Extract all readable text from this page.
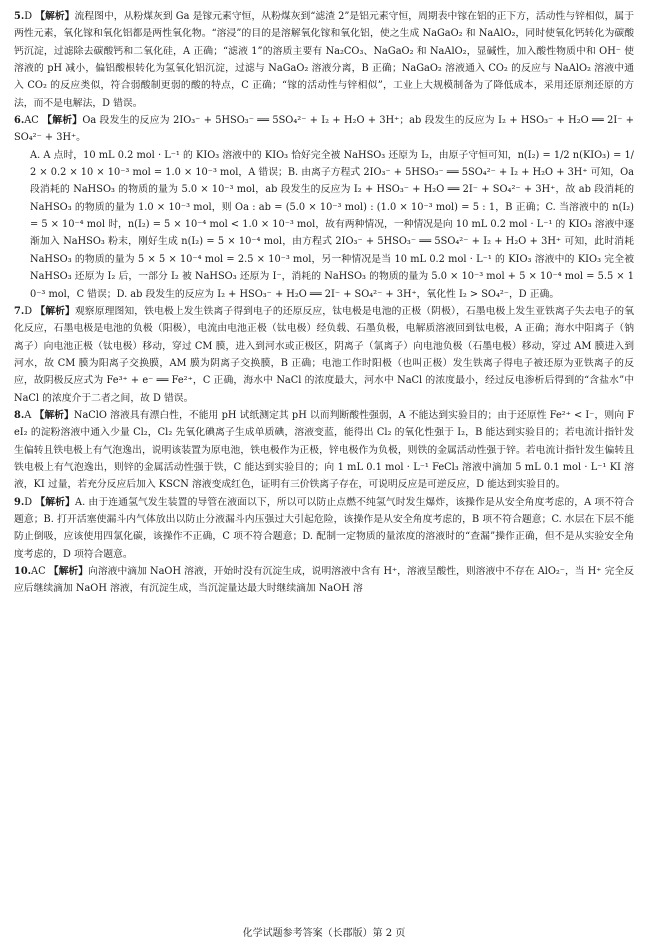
5.D 【解析】流程图中，从粉煤灰到 Ga 是镓元素守恒，从粉煤灰到“滤渣 2”是铝元素守恒，周期表中镓在铝的正下方，活动性与锌相似，属于两性元素，氧化镓和氧化铝都是两性氧化物。“溶浸”的目的是溶解氧化镓和氧化铝，使之生成 NaGaO₂ 和 NaAlO₂，同时使氧化钙转化为碳酸钙沉淀，过滤除去碳酸钙和二氧化硅，A 正确；“滤液 1”的溶质主要有 Na₂CO₃、NaGaO₂ 和 NaAlO₂，显碱性，加入酸性物质中和 OH⁻ 使溶液的 pH 减小，偏铝酸根转化为氢氧化铝沉淀，过滤与 NaGaO₂ 溶液分离，B 正确；NaGaO₂ 溶液通入 CO₂ 的反应与 NaAlO₂ 溶液中通入 CO₂ 的反应类似，符合弱酸制更弱的酸的特点，C 正确；“镓的活动性与锌相似”，工业上大规模制备为了降低成本，采用还原剂还原的方法，而不是电解法，D 错误。

6.AC 【解析】Oa 段发生的反应为 2IO₃⁻ + 5HSO₃⁻ ══ 5SO₄²⁻ + I₂ + H₂O + 3H⁺；ab 段发生的反应为 I₂ + HSO₃⁻ + H₂O ══ 2I⁻ + SO₄²⁻ + 3H⁺。

A. A 点时，10 mL 0.2 mol · L⁻¹ 的 KIO₃ 溶液中的 KIO₃ 恰好完全被 NaHSO₃ 还原为 I₂，由原子守恒可知，n(I₂) = 1/2 n(KIO₃) = 1/2 × 0.2 × 10 × 10⁻³ mol = 1.0 × 10⁻³ mol，A 错误；B. 由离子方程式 2IO₃⁻ + 5HSO₃⁻ ══ 5SO₄²⁻ + I₂ + H₂O + 3H⁺ 可知，Oa 段消耗的 NaHSO₃ 的物质的量为 5.0 × 10⁻³ mol，ab 段发生的反应为 I₂ + HSO₃⁻ + H₂O ══ 2I⁻ + SO₄²⁻ + 3H⁺，故 ab 段消耗的 NaHSO₃ 的物质的量为 1.0 × 10⁻³ mol，则 Oa : ab = (5.0 × 10⁻³ mol) : (1.0 × 10⁻³ mol) = 5 : 1，B 正确；C. 当溶液中的 n(I₂) = 5 × 10⁻⁴ mol 时，n(I₂) = 5 × 10⁻⁴ mol < 1.0 × 10⁻³ mol，故有两种情况，一种情况是向 10 mL 0.2 mol · L⁻¹ 的 KIO₃ 溶液中逐渐加入 NaHSO₃ 粉末，刚好生成 n(I₂) = 5 × 10⁻⁴ mol，由方程式 2IO₃⁻ + 5HSO₃⁻ ══ 5SO₄²⁻ + I₂ + H₂O + 3H⁺ 可知，此时消耗 NaHSO₃ 的物质的量为 5 × 5 × 10⁻⁴ mol = 2.5 × 10⁻³ mol，另一种情况是当 10 mL 0.2 mol · L⁻¹ 的 KIO₃ 溶液中的 KIO₃ 完全被 NaHSO₃ 还原为 I₂ 后，一部分 I₂ 被 NaHSO₃ 还原为 I⁻，消耗的 NaHSO₃ 的物质的量为 5.0 × 10⁻³ mol + 5 × 10⁻⁴ mol = 5.5 × 10⁻³ mol，C 错误；D. ab 段发生的反应为 I₂ + HSO₃⁻ + H₂O ══ 2I⁻ + SO₄²⁻ + 3H⁺，氧化性 I₂ > SO₄²⁻，D 正确。

7.D 【解析】观察原理图知，铁电极上发生铁离子得到电子的还原反应，钛电极是电池的正极（阴极），石墨电极上发生亚铁离子失去电子的氧化反应，石墨电极是电池的负极（阳极），电流由电池正极（钛电极）经负载、石墨负极，电解质溶液回到钛电极，A 正确；海水中阳离子（钠离子）向电池正极（钛电极）移动，穿过 CM 膜，进入到河水或正极区，阴离子（氯离子）向电池负极（石墨电极）移动，穿过 AM 膜进入到河水，故 CM 膜为阳离子交换膜，AM 膜为阴离子交换膜，B 正确；电池工作时阳极（也叫正极）发生铁离子得电子被还原为亚铁离子的反应，故阴极反应式为 Fe³⁺ + e⁻ ══ Fe²⁺，C 正确，海水中 NaCl 的浓度最大，河水中 NaCl 的浓度最小，经过反电渗析后得到的“含盐水”中 NaCl 的浓度介于二者之间，故 D 错误。

8.A 【解析】NaClO 溶液具有漂白性，不能用 pH 试纸测定其 pH 以而判断酸性强弱，A 不能达到实验目的；由于还原性 Fe²⁺ < I⁻，则向 FeI₂ 的淀粉溶液中通入少量 Cl₂，Cl₂ 先氧化碘离子生成单质碘，溶液变蓝，能得出 Cl₂ 的氧化性强于 I₂，B 能达到实验目的；若电流计指针发生偏转且铁电极上有气泡逸出，说明该装置为原电池，铁电极作为正极，锌电极作为负极，则铁的金属活动性强于锌。若电流计指针发生偏转且铁电极上有气泡逸出，则锌的金属活动性强于铁，C 能达到实验目的；向 1 mL 0.1 mol · L⁻¹ FeCl₃ 溶液中滴加 5 mL 0.1 mol · L⁻¹ KI 溶液，KI 过量，若充分反应后加入 KSCN 溶液变成红色，证明有三价铁离子存在，可说明反应是可逆反应，D 能达到实验目的。

9.D 【解析】A. 由于连通氢气发生装置的导管在液面以下，所以可以防止点燃不纯氢气时发生爆炸，该操作是从安全角度考虑的，A 项不符合题意；B. 打开活塞使漏斗内气体放出以防止分液漏斗内压强过大引起危险，该操作是从安全角度考虑的，B 项不符合题意；C. 水层在下层不能防止倒吸，应该使用四氯化碳，该操作不正确，C 项不符合题意；D. 配制一定物质的量浓度的溶液时的“查漏”操作正确，但不是从实验安全角度考虑的，D 项符合题意。

10.AC 【解析】向溶液中滴加 NaOH 溶液，开始时没有沉淀生成，说明溶液中含有 H⁺，溶液呈酸性，则溶液中不存在 AlO₂⁻，当 H⁺ 完全反应后继续滴加 NaOH 溶液，有沉淀生成，当沉淀量达最大时继续滴加 NaOH 溶

化学试题参考答案（长郡版）第 2 页
